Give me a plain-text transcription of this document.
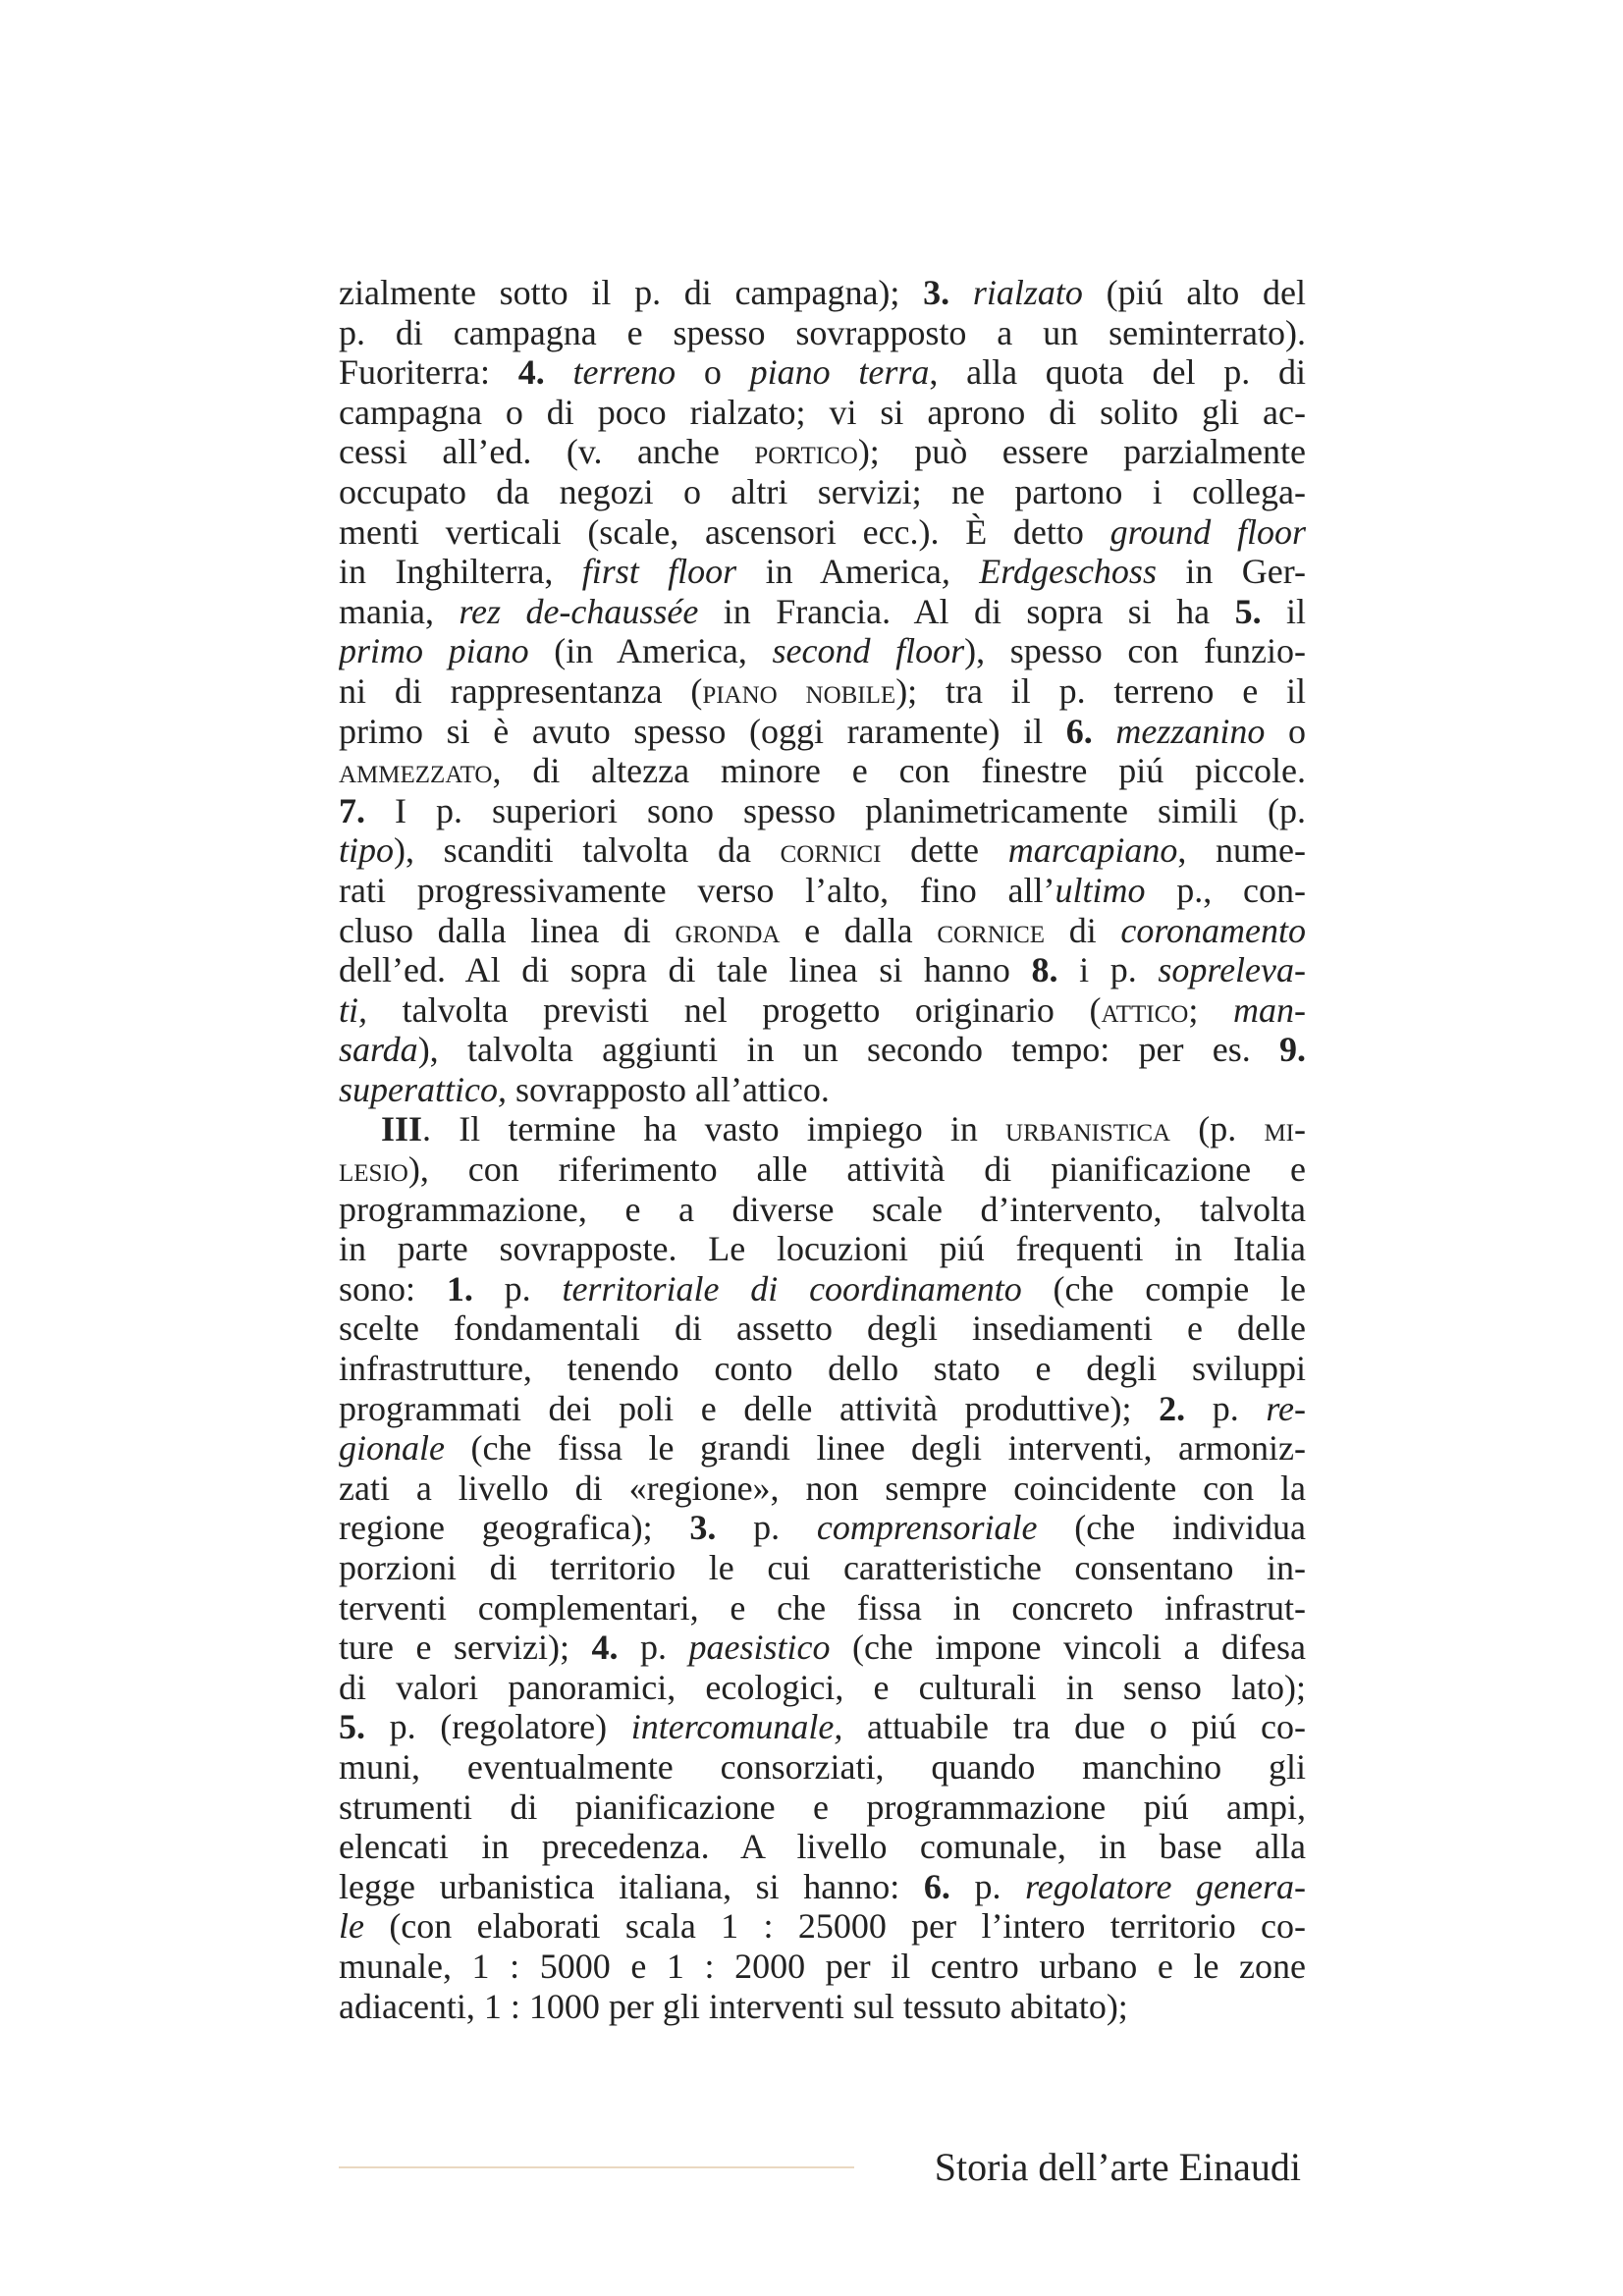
zialmente sotto il p. di campagna); 3. rialzato (piú alto del
p. di campagna e spesso sovrapposto a un seminterrato).
Fuoriterra: 4. terreno o piano terra, alla quota del p. di
campagna o di poco rialzato; vi si aprono di solito gli ac-
cessi all’ed. (v. anche portico); può essere parzialmente
occupato da negozi o altri servizi; ne partono i collega-
menti verticali (scale, ascensori ecc.). È detto ground floor
in Inghilterra, first floor in America, Erdgeschoss in Ger-
mania, rez de-chaussée in Francia. Al di sopra si ha 5. il
primo piano (in America, second floor), spesso con funzio-
ni di rappresentanza (piano nobile); tra il p. terreno e il
primo si è avuto spesso (oggi raramente) il 6. mezzanino o
ammezzato, di altezza minore e con finestre piú piccole.
7. I p. superiori sono spesso planimetricamente simili (p.
tipo), scanditi talvolta da cornici dette marcapiano, nume-
rati progressivamente verso l’alto, fino all’ultimo p., con-
cluso dalla linea di gronda e dalla cornice di coronamento
dell’ed. Al di sopra di tale linea si hanno 8. i p. soprelevа-
ti, talvolta previsti nel progetto originario (attico; man-
sarda), talvolta aggiunti in un secondo tempo: per es. 9.
superattico, sovrapposto all’attico.
III. Il termine ha vasto impiego in urbanistica (p. mi-
lesio), con riferimento alle attività di pianificazione e
programmazione, e a diverse scale d’intervento, talvolta
in parte sovrapposte. Le locuzioni piú frequenti in Italia
sono: 1. p. territoriale di coordinamento (che compie le
scelte fondamentali di assetto degli insediamenti e delle
infrastrutture, tenendo conto dello stato e degli sviluppi
programmati dei poli e delle attività produttive); 2. p. re-
gionale (che fissa le grandi linee degli interventi, armoniz-
zati a livello di «regione», non sempre coincidente con la
regione geografica); 3. p. comprensoriale (che individua
porzioni di territorio le cui caratteristiche consentano in-
terventi complementari, e che fissa in concreto infrastrut-
ture e servizi); 4. p. paesistico (che impone vincoli a difesa
di valori panoramici, ecologici, e culturali in senso lato);
5. p. (regolatore) intercomunale, attuabile tra due o piú co-
muni, eventualmente consorziati, quando manchino gli
strumenti di pianificazione e programmazione piú ampi,
elencati in precedenza. A livello comunale, in base alla
legge urbanistica italiana, si hanno: 6. p. regolatore genera-
le (con elaborati scala 1 : 25000 per l’intero territorio co-
munale, 1 : 5000 e 1 : 2000 per il centro urbano e le zone
adiacenti, 1 : 1000 per gli interventi sul tessuto abitato);
Storia dell’arte Einaudi
